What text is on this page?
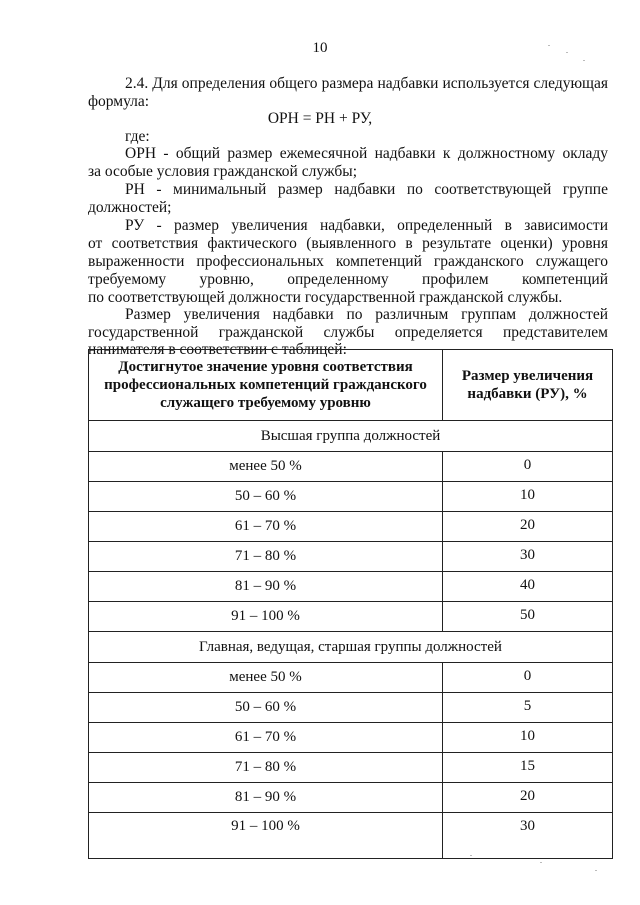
10
2.4. Для определения общего размера надбавки используется следующая
формула:
ОРН = РН + РУ,
где:
ОРН - общий размер ежемесячной надбавки к должностному окладу
за особые условия гражданской службы;
РН - минимальный размер надбавки по соответствующей группе
должностей;
РУ - размер увеличения надбавки, определенный в зависимости
от соответствия фактического (выявленного в результате оценки) уровня
выраженности профессиональных компетенций гражданского служащего
требуемому уровню, определенному профилем компетенций
по соответствующей должности государственной гражданской службы.
Размер увеличения надбавки по различным группам должностей
государственной гражданской службы определяется представителем
нанимателя в соответствии с таблицей:
Достигнутое значение уровня соответствия профессиональных компетенций гражданского служащего требуемому уровню	Размер увеличения надбавки (РУ), %
Высшая группа должностей	
менее 50 %	0
50 – 60 %	10
61 – 70 %	20
71 – 80 %	30
81 – 90 %	40
91 – 100 %	50
Главная, ведущая, старшая группы должностей	
менее 50 %	0
50 – 60 %	5
61 – 70 %	10
71 – 80 %	15
81 – 90 %	20
91 – 100 %	30
